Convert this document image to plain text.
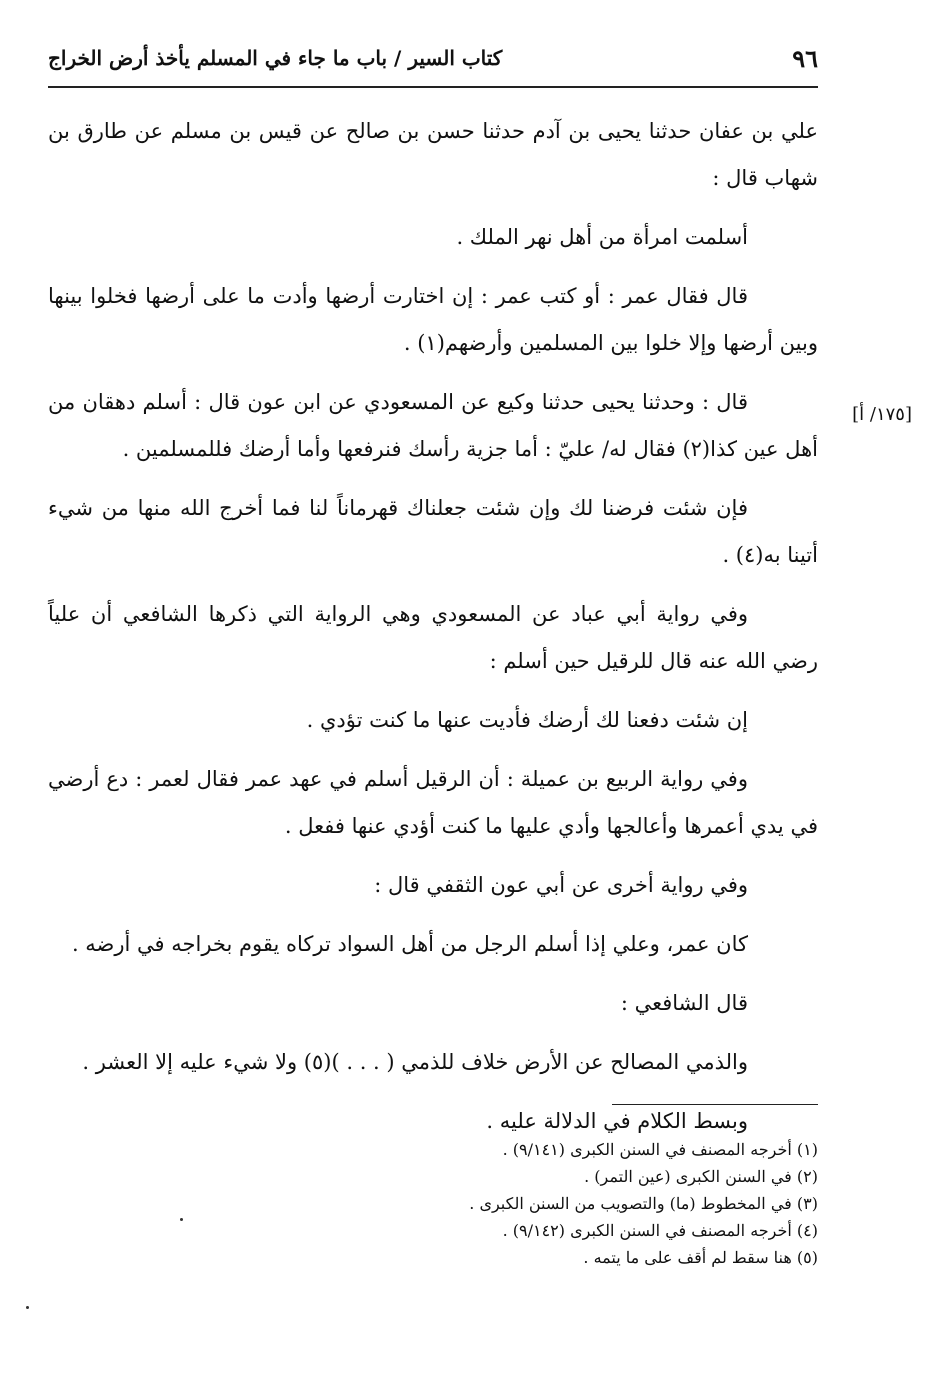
٩٦
كتاب السير / باب ما جاء في المسلم يأخذ أرض الخراج
[١٧٥/ أ]

علي بن عفان حدثنا يحيى بن آدم حدثنا حسن بن صالح عن قيس بن مسلم عن طارق بن شهاب قال :

أسلمت امرأة من أهل نهر الملك .

قال فقال عمر : أو كتب عمر : إن اختارت أرضها وأدت ما على أرضها فخلوا بينها وبين أرضها وإلا خلوا بين المسلمين وأرضهم(١) .

قال : وحدثنا يحيى حدثنا وكيع عن المسعودي عن ابن عون قال : أسلم دهقان من أهل عين كذا(٢) فقال له/ عليّ : أما جزية رأسك فنرفعها وأما أرضك فللمسلمين .

فإن شئت فرضنا لك وإن شئت جعلناك قهرماناً لنا فما أخرج الله منها من شيء أتينا به(٤) .

وفي رواية أبي عباد عن المسعودي وهي الرواية التي ذكرها الشافعي أن علياً رضي الله عنه قال للرقيل حين أسلم :

إن شئت دفعنا لك أرضك فأديت عنها ما كنت تؤدي .

وفي رواية الربيع بن عميلة : أن الرقيل أسلم في عهد عمر فقال لعمر : دع أرضي في يدي أعمرها وأعالجها وأدي عليها ما كنت أؤدي عنها ففعل .

وفي رواية أخرى عن أبي عون الثقفي قال :

كان عمر، وعلي إذا أسلم الرجل من أهل السواد تركاه يقوم بخراجه في أرضه .

قال الشافعي :

والذمي المصالح عن الأرض خلاف للذمي ( . . . )(٥) ولا شيء عليه إلا العشر .

وبسط الكلام في الدلالة عليه .

(١) أخرجه المصنف في السنن الكبرى (٩/١٤١) .

(٢) في السنن الكبرى (عين التمر) .

(٣) في المخطوط (ما) والتصويب من السنن الكبرى .

(٤) أخرجه المصنف في السنن الكبرى (٩/١٤٢) .

(٥) هنا سقط لم أقف على ما يتمه .
